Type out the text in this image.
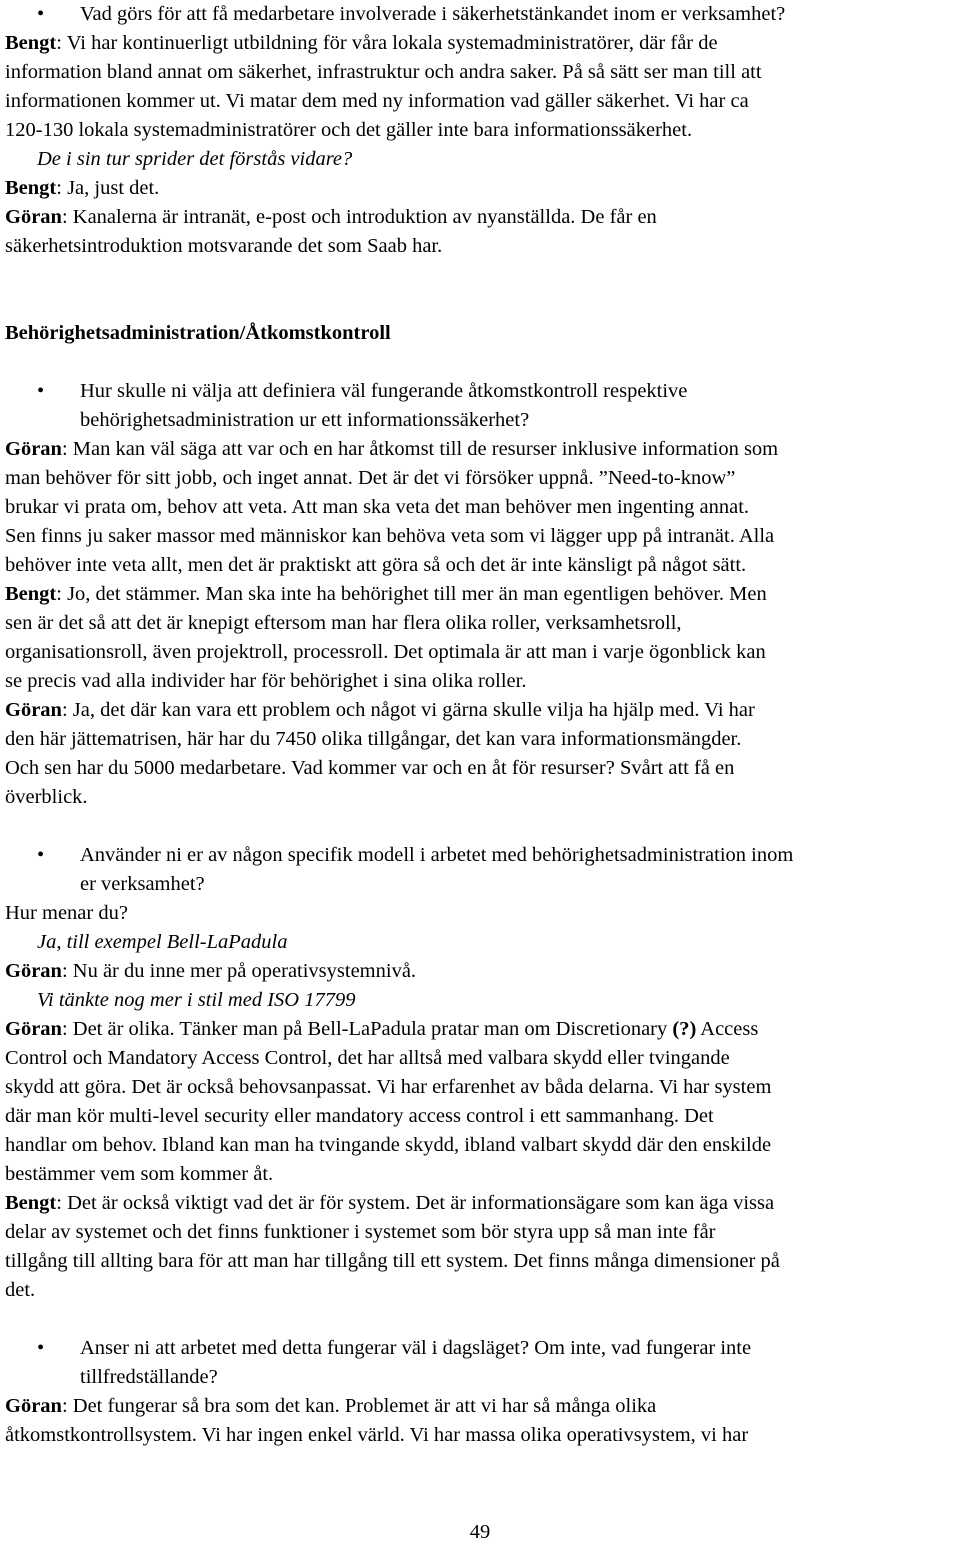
• Vad görs för att få medarbetare involverade i säkerhetstänkandet inom er verksamhet?
Bengt: Vi har kontinuerligt utbildning för våra lokala systemadministratörer, där får de
information bland annat om säkerhet, infrastruktur och andra saker. På så sätt ser man till att
informationen kommer ut. Vi matar dem med ny information vad gäller säkerhet. Vi har ca
120-130 lokala systemadministratörer och det gäller inte bara informationssäkerhet.
De i sin tur sprider det förstås vidare?
Bengt: Ja, just det.
Göran: Kanalerna är intranät, e-post och introduktion av nyanställda. De får en
säkerhetsintroduktion motsvarande det som Saab har.
Behörighetsadministration/Åtkomstkontroll
• Hur skulle ni välja att definiera väl fungerande åtkomstkontroll respektive
behörighetsadministration ur ett informationssäkerhet?
Göran: Man kan väl säga att var och en har åtkomst till de resurser inklusive information som
man behöver för sitt jobb, och inget annat. Det är det vi försöker uppnå. ”Need-to-know”
brukar vi prata om, behov att veta. Att man ska veta det man behöver men ingenting annat.
Sen finns ju saker massor med människor kan behöva veta som vi lägger upp på intranät. Alla
behöver inte veta allt, men det är praktiskt att göra så och det är inte känsligt på något sätt.
Bengt: Jo, det stämmer. Man ska inte ha behörighet till mer än man egentligen behöver. Men
sen är det så att det är knepigt eftersom man har flera olika roller, verksamhetsroll,
organisationsroll, även projektroll, processroll. Det optimala är att man i varje ögonblick kan
se precis vad alla individer har för behörighet i sina olika roller.
Göran: Ja, det där kan vara ett problem och något vi gärna skulle vilja ha hjälp med. Vi har
den här jättematrisen, här har du 7450 olika tillgångar, det kan vara informationsmängder.
Och sen har du 5000 medarbetare. Vad kommer var och en åt för resurser? Svårt att få en
överblick.
• Använder ni er av någon specifik modell i arbetet med behörighetsadministration inom
er verksamhet?
Hur menar du?
Ja, till exempel Bell-LaPadula
Göran: Nu är du inne mer på operativsystemnivå.
Vi tänkte nog mer i stil med ISO 17799
Göran: Det är olika. Tänker man på Bell-LaPadula pratar man om Discretionary (?) Access
Control och Mandatory Access Control, det har alltså med valbara skydd eller tvingande
skydd att göra. Det är också behovsanpassat. Vi har erfarenhet av båda delarna. Vi har system
där man kör multi-level security eller mandatory access control i ett sammanhang. Det
handlar om behov. Ibland kan man ha tvingande skydd, ibland valbart skydd där den enskilde
bestämmer vem som kommer åt.
Bengt: Det är också viktigt vad det är för system. Det är informationsägare som kan äga vissa
delar av systemet och det finns funktioner i systemet som bör styra upp så man inte får
tillgång till allting bara för att man har tillgång till ett system. Det finns många dimensioner på
det.
• Anser ni att arbetet med detta fungerar väl i dagsläget? Om inte, vad fungerar inte
tillfredställande?
Göran: Det fungerar så bra som det kan. Problemet är att vi har så många olika
åtkomstkontrollsystem. Vi har ingen enkel värld. Vi har massa olika operativsystem, vi har
49
